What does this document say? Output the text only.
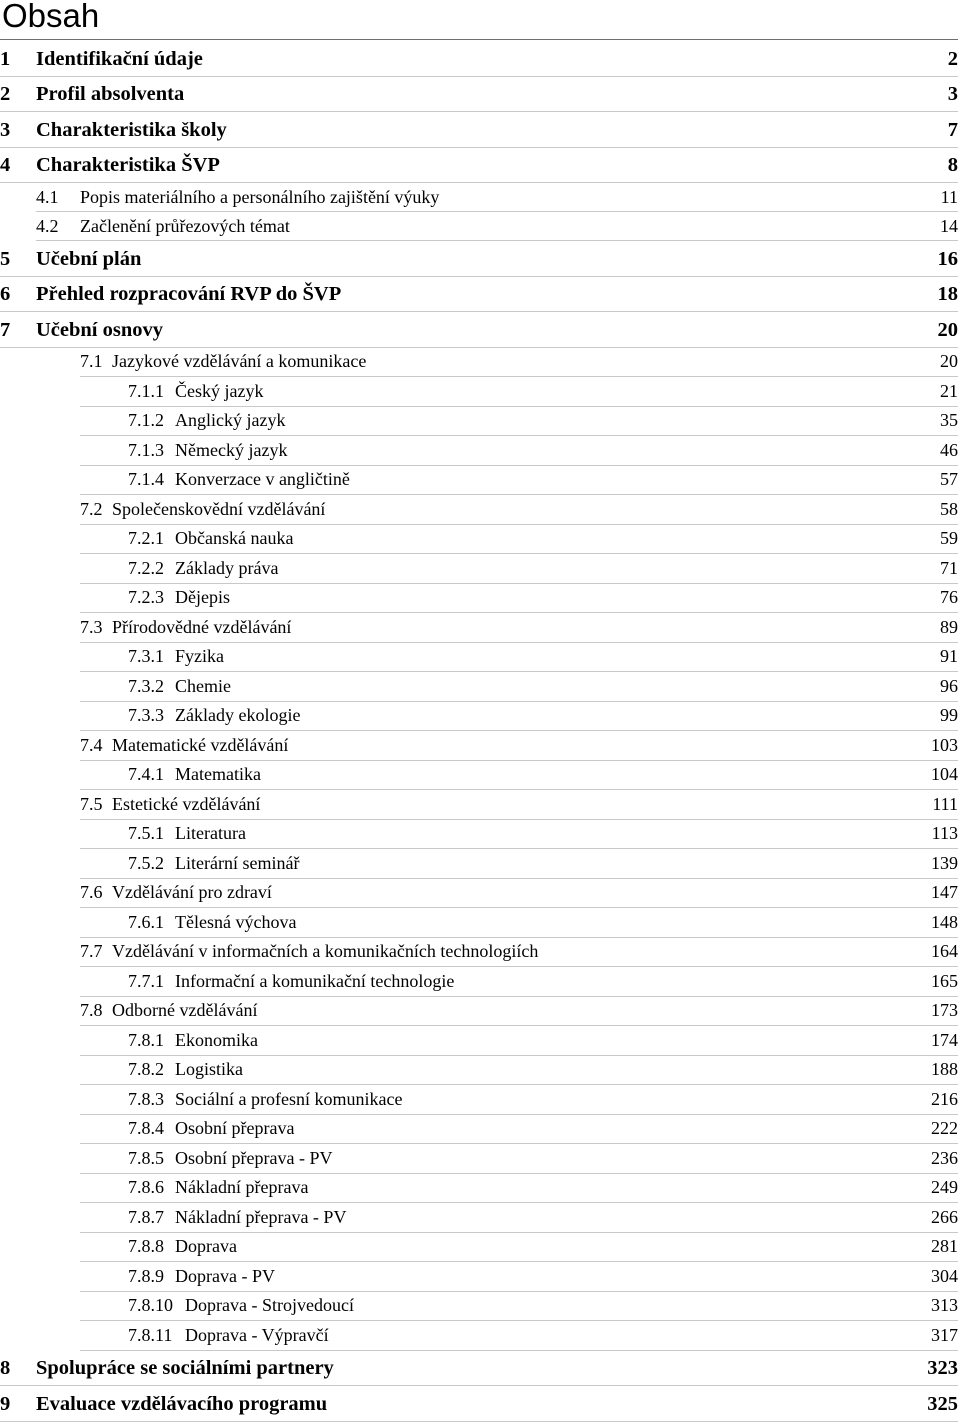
Obsah
1	Identifikační údaje	2
2	Profil absolventa	3
3	Charakteristika školy	7
4	Charakteristika ŠVP	8
4.1	Popis materiálního a personálního zajištění výuky	11
4.2	Začlenění průřezových témat	14
5	Učební plán	16
6	Přehled rozpracování RVP do ŠVP	18
7	Učební osnovy	20
7.1 Jazykové vzdělávání a komunikace	20
7.1.1 Český jazyk	21
7.1.2 Anglický jazyk	35
7.1.3 Německý jazyk	46
7.1.4 Konverzace v angličtině	57
7.2 Společenskovědní vzdělávání	58
7.2.1 Občanská nauka	59
7.2.2 Základy práva	71
7.2.3 Dějepis	76
7.3 Přírodovědné vzdělávání	89
7.3.1 Fyzika	91
7.3.2 Chemie	96
7.3.3 Základy ekologie	99
7.4 Matematické vzdělávání	103
7.4.1 Matematika	104
7.5 Estetické vzdělávání	111
7.5.1 Literatura	113
7.5.2 Literární seminář	139
7.6 Vzdělávání pro zdraví	147
7.6.1 Tělesná výchova	148
7.7 Vzdělávání v informačních a komunikačních technologiích	164
7.7.1 Informační a komunikační technologie	165
7.8 Odborné vzdělávání	173
7.8.1 Ekonomika	174
7.8.2 Logistika	188
7.8.3 Sociální a profesní komunikace	216
7.8.4 Osobní přeprava	222
7.8.5 Osobní přeprava - PV	236
7.8.6 Nákladní přeprava	249
7.8.7 Nákladní přeprava - PV	266
7.8.8 Doprava	281
7.8.9 Doprava - PV	304
7.8.10 Doprava - Strojvedoucí	313
7.8.11 Doprava - Výpravčí	317
8	Spolupráce se sociálními partnery	323
9	Evaluace vzdělávacího programu	325
